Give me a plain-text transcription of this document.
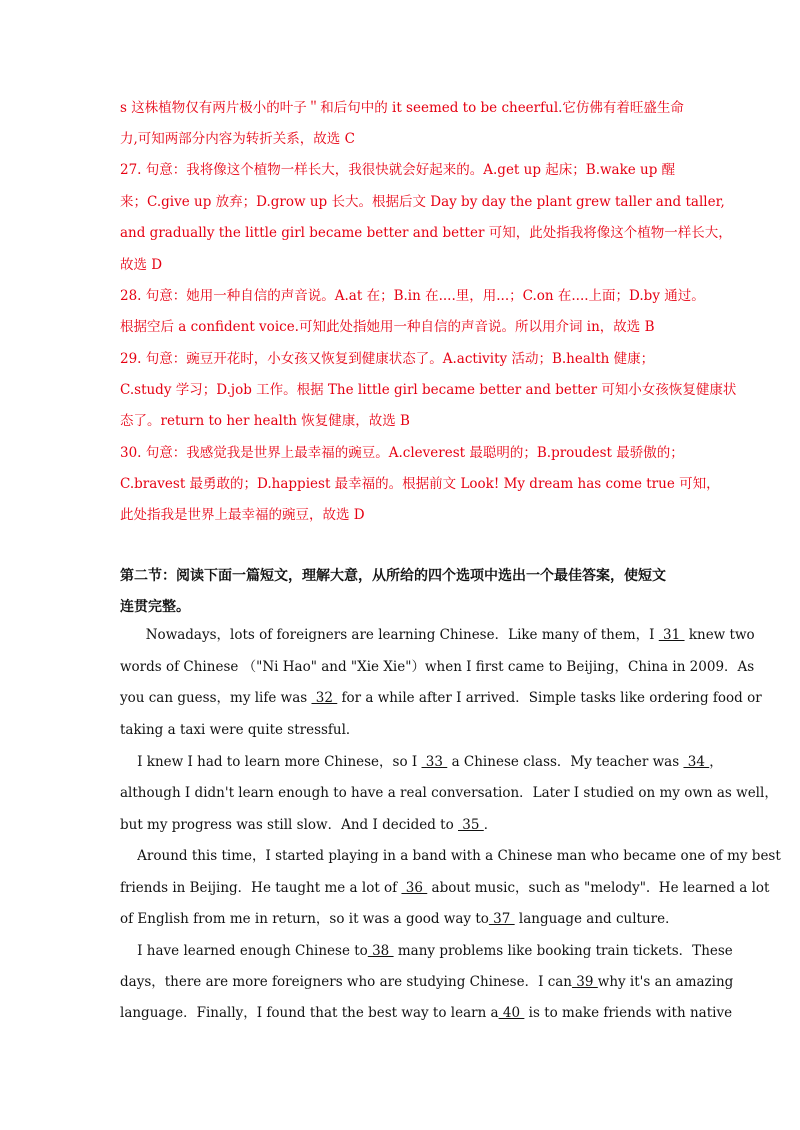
s 这株植物仅有两片极小的叶子＂和后句中的 it seemed to be cheerful.它仿佛有着旺盛生命
力,可知两部分内容为转折关系，故选 C
27. 句意：我将像这个植物一样长大，我很快就会好起来的。A.get up 起床；B.wake up 醒
来；C.give up 放弃；D.grow up 长大。根据后文 Day by day the plant grew taller and taller,
and gradually the little girl became better and better 可知，此处指我将像这个植物一样长大，
故选 D
28. 句意：她用一种自信的声音说。A.at 在；B.in 在....里，用...；C.on 在....上面；D.by 通过。
根据空后 a confident voice.可知此处指她用一种自信的声音说。所以用介词 in，故选 B
29. 句意：豌豆开花时，小女孩又恢复到健康状态了。A.activity 活动；B.health 健康；
C.study 学习；D.job 工作。根据 The little girl became better and better 可知小女孩恢复健康状
态了。return to her health 恢复健康，故选 B
30. 句意：我感觉我是世界上最幸福的豌豆。A.cleverest 最聪明的；B.proudest 最骄傲的；
C.bravest 最勇敢的；D.happiest 最幸福的。根据前文 Look! My dream has come true 可知，
此处指我是世界上最幸福的豌豆，故选 D
第二节：阅读下面一篇短文，理解大意，从所给的四个选项中选出一个最佳答案，使短文
连贯完整。
Nowadays，lots of foreigners are learning Chinese．Like many of them，I  31  knew two
words of Chinese （"Ni Hao" and "Xie Xie"）when I first came to Beijing，China in 2009．As
you can guess，my life was  32  for a while after I arrived．Simple tasks like ordering food or
taking a taxi were quite stressful．
I knew I had to learn more Chinese，so I  33  a Chinese class．My teacher was  34 ，
although I didn't learn enough to have a real conversation．Later I studied on my own as well，
but my progress was still slow．And I decided to  35 ．
Around this time，I started playing in a band with a Chinese man who became one of my best
friends in Beijing．He taught me a lot of  36  about music，such as "melody".  He learned a lot
of English from me in return，so it was a good way to 37  language and culture．
I have learned enough Chinese to 38  many problems like booking train tickets．These
days，there are more foreigners who are studying Chinese．I can 39 why it's an amazing
language．Finally，I found that the best way to learn a 40  is to make friends with native
